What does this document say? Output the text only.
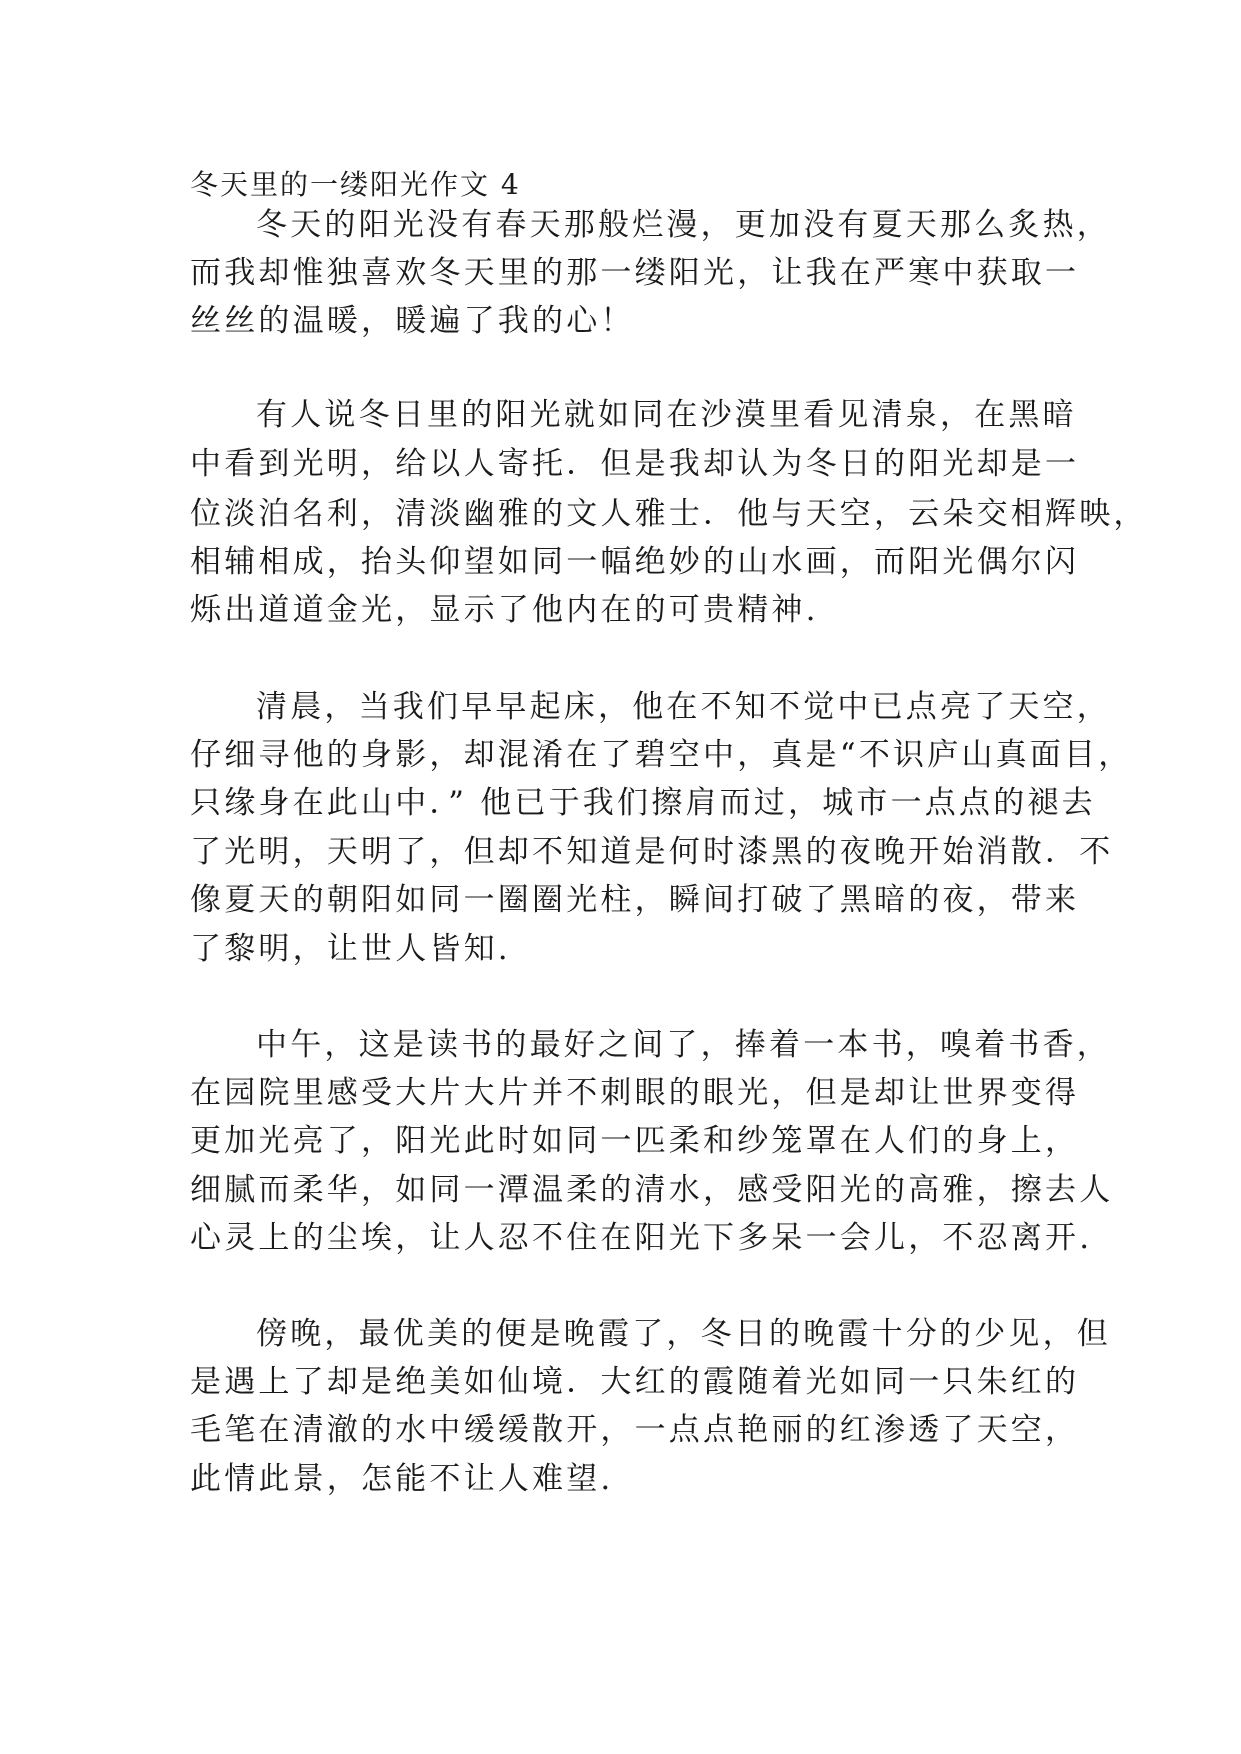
冬天里的一缕阳光作文 4
冬天的阳光没有春天那般烂漫，更加没有夏天那么炙热，
而我却惟独喜欢冬天里的那一缕阳光，让我在严寒中获取一
丝丝的温暖，暖遍了我的心！
有人说冬日里的阳光就如同在沙漠里看见清泉，在黑暗
中看到光明，给以人寄托．但是我却认为冬日的阳光却是一
位淡泊名利，清淡幽雅的文人雅士．他与天空，云朵交相辉映，
相辅相成，抬头仰望如同一幅绝妙的山水画，而阳光偶尔闪
烁出道道金光，显示了他内在的可贵精神.
清晨，当我们早早起床，他在不知不觉中已点亮了天空，
仔细寻他的身影，却混淆在了碧空中，真是“不识庐山真面目，
只缘身在此山中．” 他已于我们擦肩而过，城市一点点的褪去
了光明，天明了，但却不知道是何时漆黑的夜晚开始消散．不
像夏天的朝阳如同一圈圈光柱，瞬间打破了黑暗的夜，带来
了黎明，让世人皆知.
中午，这是读书的最好之间了，捧着一本书，嗅着书香，
在园院里感受大片大片并不刺眼的眼光，但是却让世界变得
更加光亮了，阳光此时如同一匹柔和纱笼罩在人们的身上，
细腻而柔华，如同一潭温柔的清水，感受阳光的高雅，擦去人
心灵上的尘埃，让人忍不住在阳光下多呆一会儿，不忍离开.
傍晚，最优美的便是晚霞了，冬日的晚霞十分的少见，但
是遇上了却是绝美如仙境．大红的霞随着光如同一只朱红的
毛笔在清澈的水中缓缓散开，一点点艳丽的红渗透了天空，
此情此景，怎能不让人难望.
